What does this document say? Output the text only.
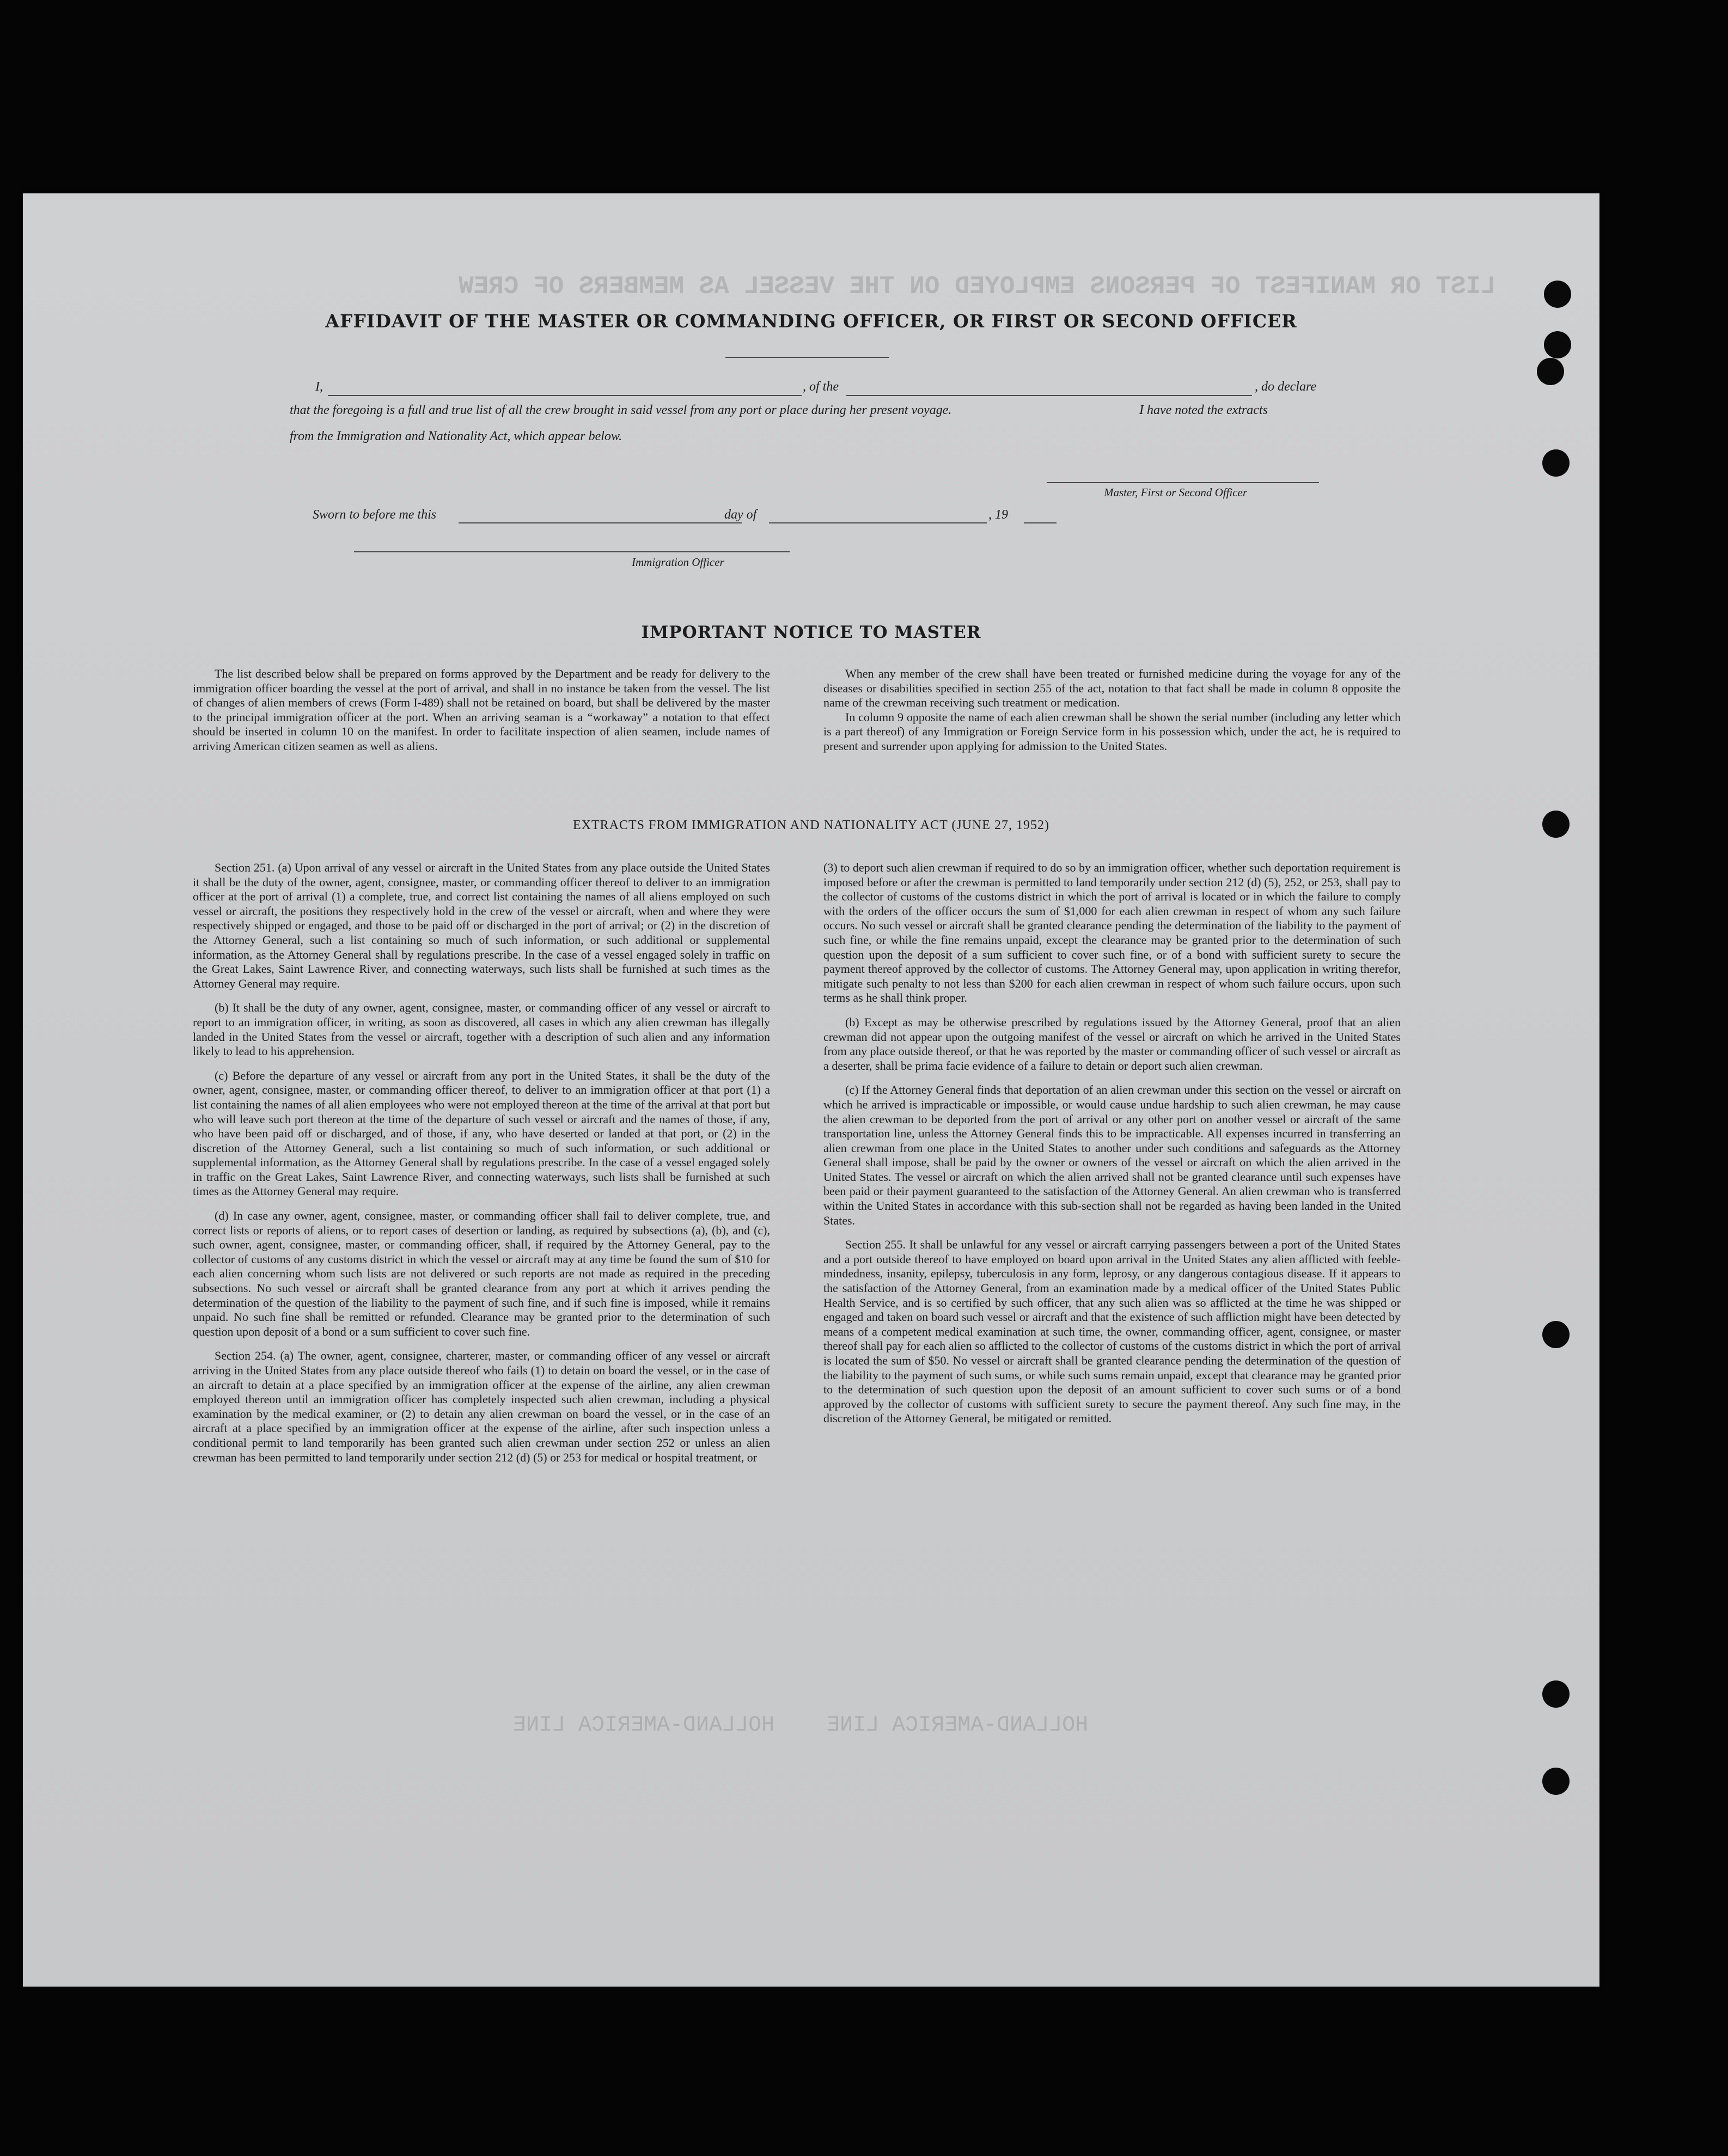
LIST OR MANIFEST OF PERSONS EMPLOYED ON THE VESSEL AS MEMBERS OF CREW
HOLLAND-AMERICA LINE    HOLLAND-AMERICA LINE
AFFIDAVIT OF THE MASTER OR COMMANDING OFFICER, OR FIRST OR SECOND OFFICER
I,	, of the	, do declare
that the foregoing is a full and true list of all the crew brought in said vessel from any port or place during her present voyage.	I have noted the extracts
from the Immigration and Nationality Act, which appear below.
Master, First or Second Officer
Sworn to before me this	day of	, 19
Immigration Officer
IMPORTANT NOTICE TO MASTER

The list described below shall be prepared on forms approved by the Department and be ready for delivery to the immigration officer boarding the vessel at the port of arrival, and shall in no instance be taken from the vessel. The list of changes of alien members of crews (Form I-489) shall not be retained on board, but shall be delivered by the master to the principal immigration officer at the port. When an arriving seaman is a “workaway” a notation to that effect should be inserted in column 10 on the manifest. In order to facilitate inspection of alien seamen, include names of arriving American citizen seamen as well as aliens.

When any member of the crew shall have been treated or furnished medicine during the voyage for any of the diseases or disabilities specified in section 255 of the act, notation to that fact shall be made in column 8 opposite the name of the crewman receiving such treatment or medication.

In column 9 opposite the name of each alien crewman shall be shown the serial number (including any letter which is a part thereof) of any Immigration or Foreign Service form in his possession which, under the act, he is required to present and surrender upon applying for admission to the United States.

EXTRACTS FROM IMMIGRATION AND NATIONALITY ACT (JUNE 27, 1952)

Section 251. (a) Upon arrival of any vessel or aircraft in the United States from any place outside the United States it shall be the duty of the owner, agent, consignee, master, or commanding officer thereof to deliver to an immigration officer at the port of arrival (1) a complete, true, and correct list containing the names of all aliens employed on such vessel or aircraft, the positions they respectively hold in the crew of the vessel or aircraft, when and where they were respectively shipped or engaged, and those to be paid off or discharged in the port of arrival; or (2) in the discretion of the Attorney General, such a list containing so much of such information, or such additional or supplemental information, as the Attorney General shall by regulations prescribe. In the case of a vessel engaged solely in traffic on the Great Lakes, Saint Lawrence River, and connecting waterways, such lists shall be furnished at such times as the Attorney General may require.

(b) It shall be the duty of any owner, agent, consignee, master, or commanding officer of any vessel or aircraft to report to an immigration officer, in writing, as soon as discovered, all cases in which any alien crewman has illegally landed in the United States from the vessel or aircraft, together with a description of such alien and any information likely to lead to his apprehension.

(c) Before the departure of any vessel or aircraft from any port in the United States, it shall be the duty of the owner, agent, consignee, master, or commanding officer thereof, to deliver to an immigration officer at that port (1) a list containing the names of all alien employees who were not employed thereon at the time of the arrival at that port but who will leave such port thereon at the time of the departure of such vessel or aircraft and the names of those, if any, who have been paid off or discharged, and of those, if any, who have deserted or landed at that port, or (2) in the discretion of the Attorney General, such a list containing so much of such information, or such additional or supplemental information, as the Attorney General shall by regulations prescribe. In the case of a vessel engaged solely in traffic on the Great Lakes, Saint Lawrence River, and connecting waterways, such lists shall be furnished at such times as the Attorney General may require.

(d) In case any owner, agent, consignee, master, or commanding officer shall fail to deliver complete, true, and correct lists or reports of aliens, or to report cases of desertion or landing, as required by subsections (a), (b), and (c), such owner, agent, consignee, master, or commanding officer, shall, if required by the Attorney General, pay to the collector of customs of any customs district in which the vessel or aircraft may at any time be found the sum of $10 for each alien concerning whom such lists are not delivered or such reports are not made as required in the preceding subsections. No such vessel or aircraft shall be granted clearance from any port at which it arrives pending the determination of the question of the liability to the payment of such fine, and if such fine is imposed, while it remains unpaid. No such fine shall be remitted or refunded. Clearance may be granted prior to the determination of such question upon deposit of a bond or a sum sufficient to cover such fine.

Section 254. (a) The owner, agent, consignee, charterer, master, or commanding officer of any vessel or aircraft arriving in the United States from any place outside thereof who fails (1) to detain on board the vessel, or in the case of an aircraft to detain at a place specified by an immigration officer at the expense of the airline, any alien crewman employed thereon until an immigration officer has completely inspected such alien crewman, including a physical examination by the medical examiner, or (2) to detain any alien crewman on board the vessel, or in the case of an aircraft at a place specified by an immigration officer at the expense of the airline, after such inspection unless a conditional permit to land temporarily has been granted such alien crewman under section 252 or unless an alien crewman has been permitted to land temporarily under section 212 (d) (5) or 253 for medical or hospital treatment, or

(3) to deport such alien crewman if required to do so by an immigration officer, whether such deportation requirement is imposed before or after the crewman is permitted to land temporarily under section 212 (d) (5), 252, or 253, shall pay to the collector of customs of the customs district in which the port of arrival is located or in which the failure to comply with the orders of the officer occurs the sum of $1,000 for each alien crewman in respect of whom any such failure occurs. No such vessel or aircraft shall be granted clearance pending the determination of the liability to the payment of such fine, or while the fine remains unpaid, except the clearance may be granted prior to the determination of such question upon the deposit of a sum sufficient to cover such fine, or of a bond with sufficient surety to secure the payment thereof approved by the collector of customs. The Attorney General may, upon application in writing therefor, mitigate such penalty to not less than $200 for each alien crewman in respect of whom such failure occurs, upon such terms as he shall think proper.

(b) Except as may be otherwise prescribed by regulations issued by the Attorney General, proof that an alien crewman did not appear upon the outgoing manifest of the vessel or aircraft on which he arrived in the United States from any place outside thereof, or that he was reported by the master or commanding officer of such vessel or aircraft as a deserter, shall be prima facie evidence of a failure to detain or deport such alien crewman.

(c) If the Attorney General finds that deportation of an alien crewman under this section on the vessel or aircraft on which he arrived is impracticable or impossible, or would cause undue hardship to such alien crewman, he may cause the alien crewman to be deported from the port of arrival or any other port on another vessel or aircraft of the same transportation line, unless the Attorney General finds this to be impracticable. All expenses incurred in transferring an alien crewman from one place in the United States to another under such conditions and safeguards as the Attorney General shall impose, shall be paid by the owner or owners of the vessel or aircraft on which the alien arrived in the United States. The vessel or aircraft on which the alien arrived shall not be granted clearance until such expenses have been paid or their payment guaranteed to the satisfaction of the Attorney General. An alien crewman who is transferred within the United States in accordance with this sub-section shall not be regarded as having been landed in the United States.

Section 255. It shall be unlawful for any vessel or aircraft carrying passengers between a port of the United States and a port outside thereof to have employed on board upon arrival in the United States any alien afflicted with feeble-mindedness, insanity, epilepsy, tuberculosis in any form, leprosy, or any dangerous contagious disease. If it appears to the satisfaction of the Attorney General, from an examination made by a medical officer of the United States Public Health Service, and is so certified by such officer, that any such alien was so afflicted at the time he was shipped or engaged and taken on board such vessel or aircraft and that the existence of such affliction might have been detected by means of a competent medical examination at such time, the owner, commanding officer, agent, consignee, or master thereof shall pay for each alien so afflicted to the collector of customs of the customs district in which the port of arrival is located the sum of $50. No vessel or aircraft shall be granted clearance pending the determination of the question of the liability to the payment of such sums, or while such sums remain unpaid, except that clearance may be granted prior to the determination of such question upon the deposit of an amount sufficient to cover such sums or of a bond approved by the collector of customs with sufficient surety to secure the payment thereof. Any such fine may, in the discretion of the Attorney General, be mitigated or remitted.
